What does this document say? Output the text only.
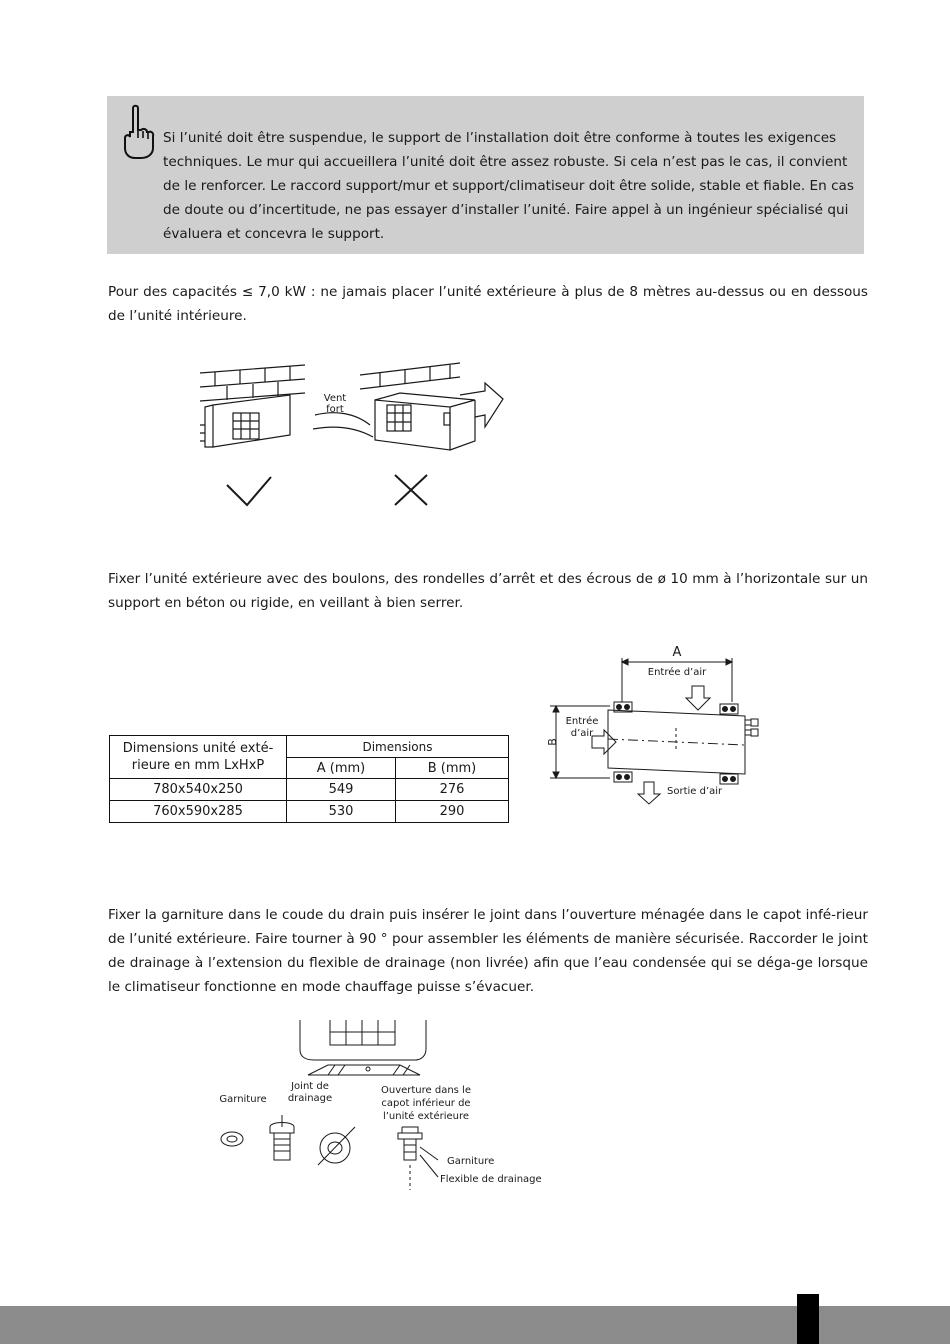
Si l’unité doit être suspendue, le support de l’installation doit être conforme à toutes les exigences techniques. Le mur qui accueillera l’unité doit être assez robuste. Si cela n’est pas le cas, il convient de le renforcer. Le raccord support/mur et support/climatiseur doit être solide, stable et fiable. En cas de doute ou d’incertitude, ne pas essayer d’installer l’unité. Faire appel à un ingénieur spécialisé qui évaluera et concevra le support.

Pour des capacités ≤ 7,0 kW : ne jamais placer l’unité extérieure à plus de 8 mètres au-dessus ou en dessous de l’unité intérieure.

Vent
fort

Fixer l’unité extérieure avec des boulons, des rondelles d’arrêt et des écrous de ø 10 mm à l’horizontale sur un support en béton ou rigide, en veillant à bien serrer.

Dimensions unité exté-rieure en mm LxHxP	Dimensions	
	A (mm)	B (mm)
780x540x250	549	276
760x590x285	530	290
A
Entrée d’air
B
Entrée
d’air
Sortie d’air

Fixer la garniture dans le coude du drain puis insérer le joint dans l’ouverture ménagée dans le capot infé-rieur de l’unité extérieure. Faire tourner à 90 ° pour assembler les éléments de manière sécurisée. Raccorder le joint de drainage à l’extension du flexible de drainage (non livrée) afin que l’eau condensée qui se déga-ge lorsque le climatiseur fonctionne en mode chauffage puisse s’évacuer.

Garniture
Joint de
drainage
Ouverture dans le
capot inférieur de
l’unité extérieure
Garniture
Flexible de drainage
